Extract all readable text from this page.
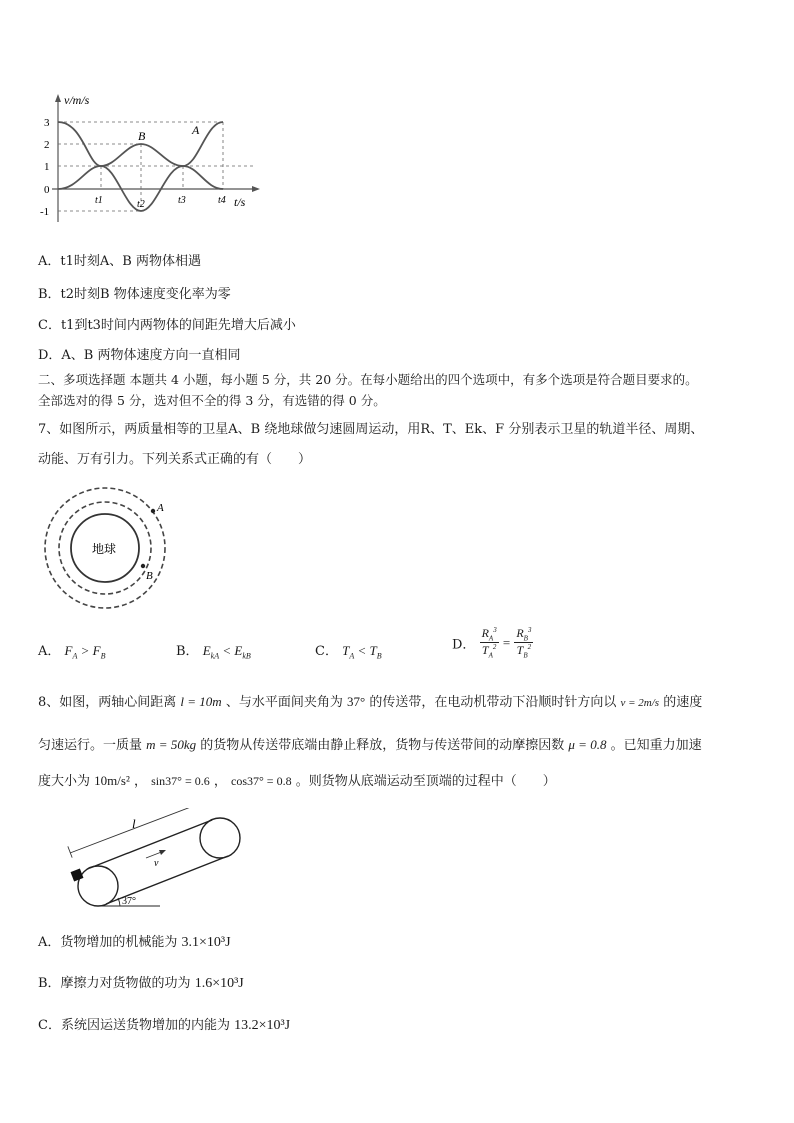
v/m/s
t/s
3
2
1
0
-1
t1	t2	t3	t4
A
B
A．t1时刻A、B 两物体相遇
B．t2时刻B 物体速度变化率为零
C．t1到t3时间内两物体的间距先增大后减小
D．A、B 两物体速度方向一直相同
二、多项选择题 本题共 4 小题，每小题 5 分，共 20 分。在每小题给出的四个选项中，有多个选项是符合题目要求的。
全部选对的得 5 分，选对但不全的得 3 分，有选错的得 0 分。
7、如图所示，两质量相等的卫星A、B 绕地球做匀速圆周运动，用R、T、Ek、F 分别表示卫星的轨道半径、周期、
动能、万有引力。下列关系式正确的有（　　）
地球
A
B
A． $F_A > F_B$	B． $E_{kA} < E_{kB}$	C． $T_A < T_B$
D． $\frac{R_A^3}{T_A^2} = \frac{R_B^3}{T_B^2}$
8、如图，两轴心间距离 l = 10m 、与水平面间夹角为 37° 的传送带，在电动机带动下沿顺时针方向以 v = 2m/s 的速度
匀速运行。一质量 m = 50kg 的货物从传送带底端由静止释放，货物与传送带间的动摩擦因数 μ = 0.8 。已知重力加速
度大小为 10m/s² ， sin37° = 0.6 ， cos37° = 0.8 。则货物从底端运动至顶端的过程中（　　）
l
v
37°
A．货物增加的机械能为 3.1×10³J
B．摩擦力对货物做的功为 1.6×10³J
C．系统因运送货物增加的内能为 13.2×10³J
